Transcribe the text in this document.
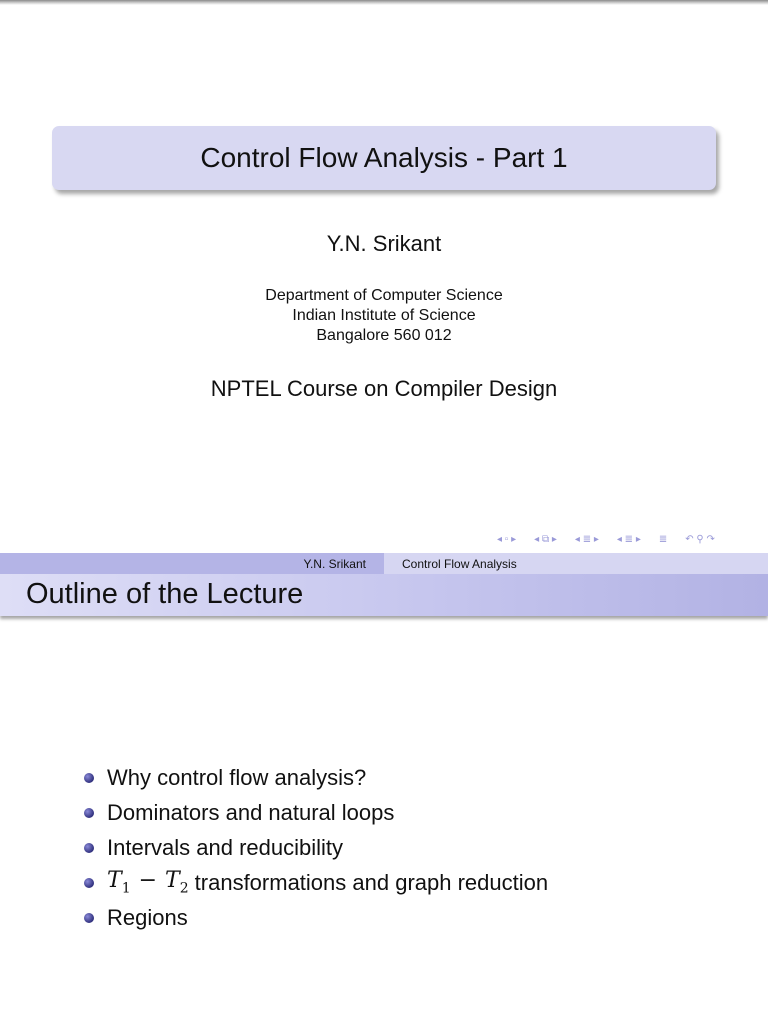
Control Flow Analysis - Part 1
Y.N. Srikant
Department of Computer Science
Indian Institute of Science
Bangalore 560 012
NPTEL Course on Compiler Design
◂ ▫ ▸ ◂ ⧉ ▸ ◂ ≣ ▸ ◂ ≣ ▸ ≣ ↶ ⚲ ↷
Y.N. Srikant	Control Flow Analysis
Outline of the Lecture
Why control flow analysis?
Dominators and natural loops
Intervals and reducibility
$T_1 - T_2$ transformations and graph reduction
Regions
